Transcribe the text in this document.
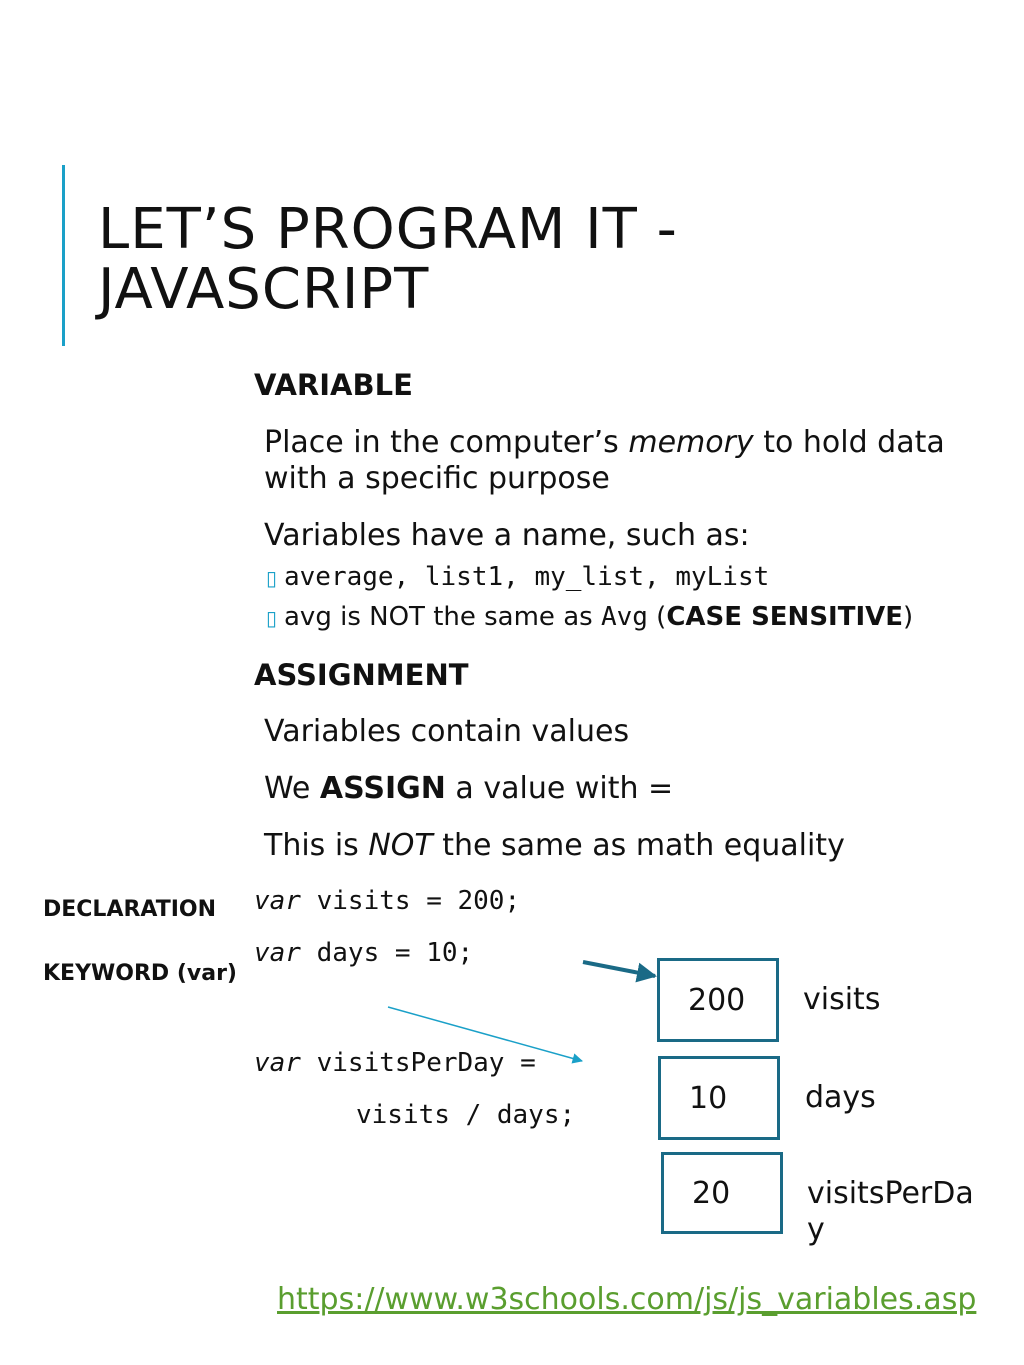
LET’S PROGRAM IT -
JAVASCRIPT
VARIABLE
Place in the computer’s memory to hold data
with a specific purpose
Variables have a name, such as:
▯ average, list1, my_list, myList
▯ avg is NOT the same as Avg (CASE SENSITIVE)
ASSIGNMENT
Variables contain values
We ASSIGN a value with =
This is NOT the same as math equality
DECLARATION
KEYWORD (var)
var visits = 200;
var days = 10;
var visitsPerDay =
visits / days;
200	visits
10	days
20	visitsPerDa
y
https://www.w3schools.com/js/js_variables.asp
